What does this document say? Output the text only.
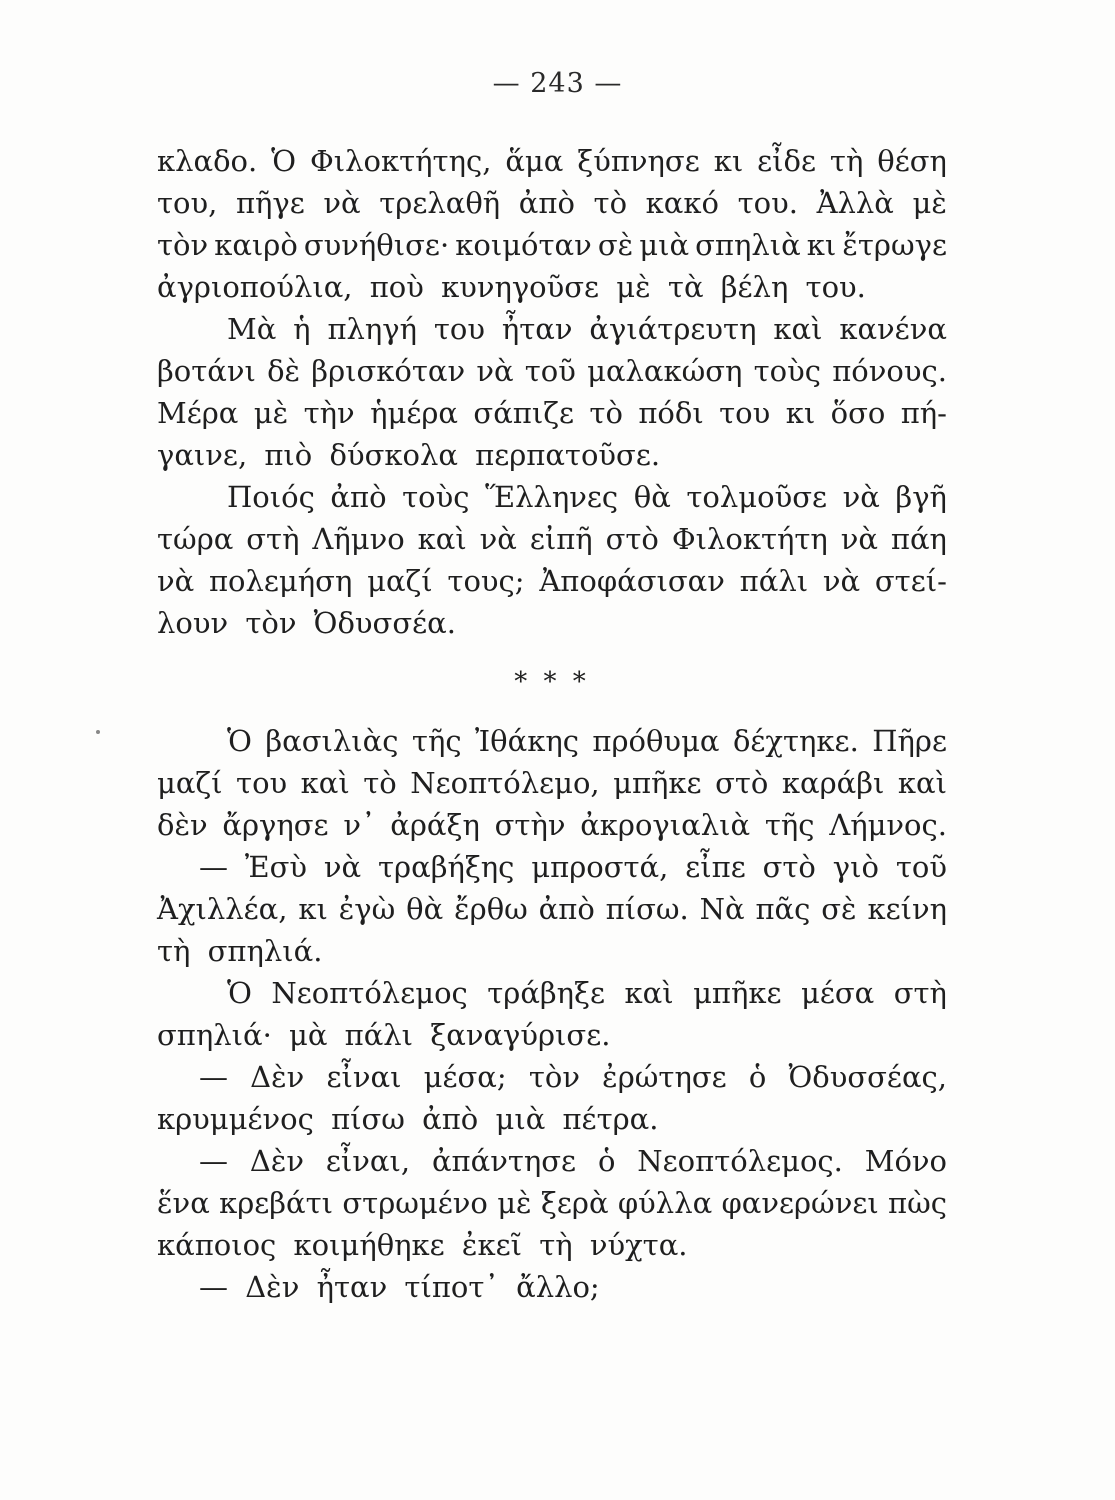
— 243 —
κλαδο. Ὁ Φιλοκτήτης, ἅμα ξύπνησε κι εἶδε τὴ θέση
του, πῆγε νὰ τρελαθῆ ἀπὸ τὸ κακό του. Ἀλλὰ μὲ
τὸν καιρὸ συνήθισε· κοιμόταν σὲ μιὰ σπηλιὰ κι ἔτρωγε
ἀγριοπούλια, ποὺ κυνηγοῦσε μὲ τὰ βέλη του.
Μὰ ἡ πληγή του ἦταν ἀγιάτρευτη καὶ κανένα
βοτάνι δὲ βρισκόταν νὰ τοῦ μαλακώση τοὺς πόνους.
Μέρα μὲ τὴν ἡμέρα σάπιζε τὸ πόδι του κι ὅσο πή-
γαινε, πιὸ δύσκολα περπατοῦσε.
Ποιός ἀπὸ τοὺς Ἕλληνες θὰ τολμοῦσε νὰ βγῆ
τώρα στὴ Λῆμνο καὶ νὰ εἰπῆ στὸ Φιλοκτήτη νὰ πάη
νὰ πολεμήση μαζί τους; Ἀποφάσισαν πάλι νὰ στεί-
λουν τὸν Ὀδυσσέα.
* * *
Ὁ βασιλιὰς τῆς Ἰθάκης πρόθυμα δέχτηκε. Πῆρε
μαζί του καὶ τὸ Νεοπτόλεμο, μπῆκε στὸ καράβι καὶ
δὲν ἄργησε ν᾽ ἀράξη στὴν ἀκρογιαλιὰ τῆς Λήμνος.
— Ἐσὺ νὰ τραβήξης μπροστά, εἶπε στὸ γιὸ τοῦ
Ἀχιλλέα, κι ἐγὼ θὰ ἔρθω ἀπὸ πίσω. Νὰ πᾶς σὲ κείνη
τὴ σπηλιά.
Ὁ Νεοπτόλεμος τράβηξε καὶ μπῆκε μέσα στὴ
σπηλιά· μὰ πάλι ξαναγύρισε.
— Δὲν εἶναι μέσα; τὸν ἐρώτησε ὁ Ὀδυσσέας,
κρυμμένος πίσω ἀπὸ μιὰ πέτρα.
— Δὲν εἶναι, ἀπάντησε ὁ Νεοπτόλεμος. Μόνο
ἕνα κρεβάτι στρωμένο μὲ ξερὰ φύλλα φανερώνει πὼς
κάποιος κοιμήθηκε ἐκεῖ τὴ νύχτα.
— Δὲν ἦταν τίποτ᾽ ἄλλο;
